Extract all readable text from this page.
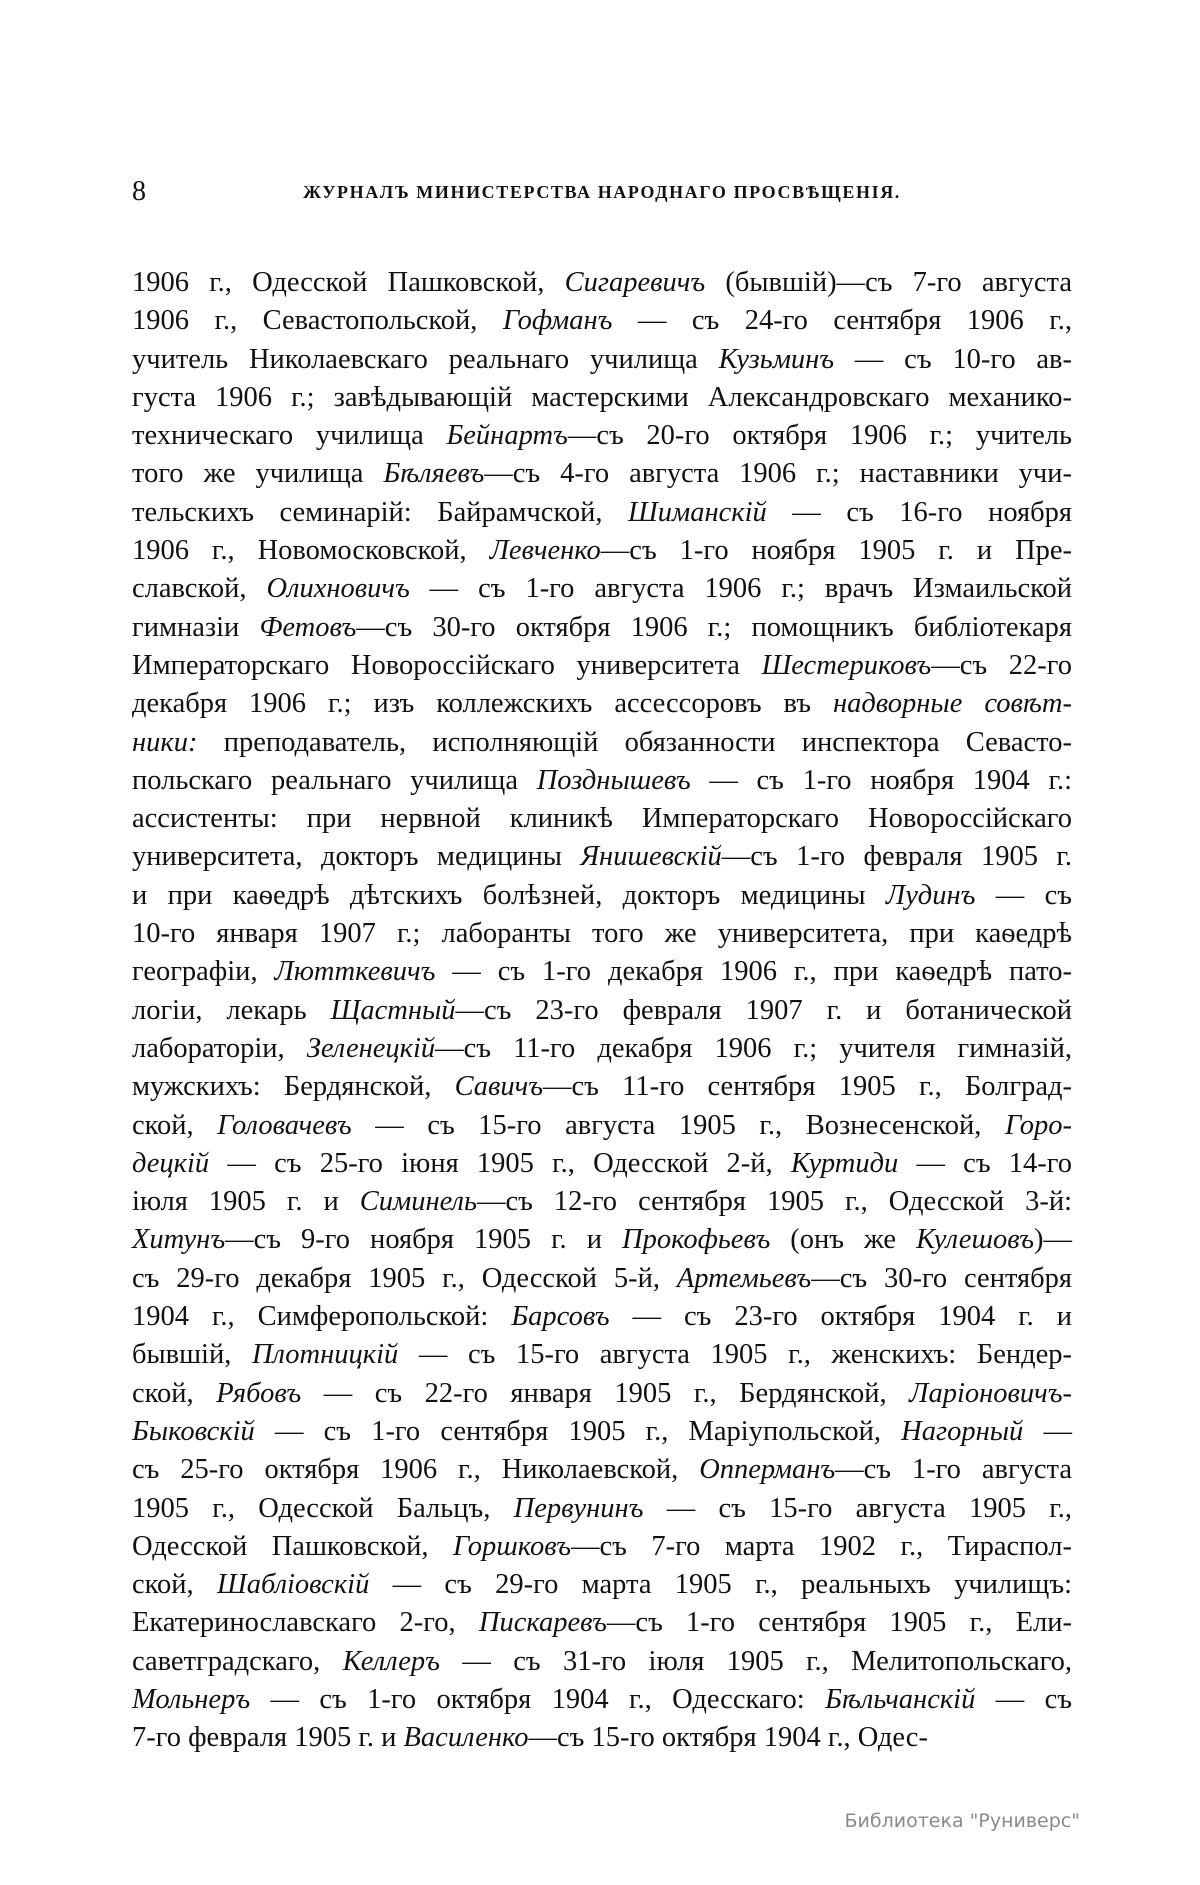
8	ЖУРНАЛЪ МИНИСТЕРСТВА НАРОДНАГО ПРОСВѢЩЕНІЯ.
1906 г., Одесской Пашковской, Сигаревичъ (бывшій)—съ 7-го августа
1906 г., Севастопольской, Гофманъ — съ 24-го сентября 1906 г.,
учитель Николаевскаго реальнаго училища Кузьминъ — съ 10-го ав-
густа 1906 г.; завѣдывающій мастерскими Александровскаго механико-
техническаго училища Бейнартъ—съ 20-го октября 1906 г.; учитель
того же училища Бѣляевъ—съ 4-го августа 1906 г.; наставники учи-
тельскихъ семинарій: Байрамчской, Шиманскій — съ 16-го ноября
1906 г., Новомосковской, Левченко—съ 1-го ноября 1905 г. и Пре-
славской, Олихновичъ — съ 1-го августа 1906 г.; врачъ Измаильской
гимназіи Фетовъ—съ 30-го октября 1906 г.; помощникъ библіотекаря
Императорскаго Новороссійскаго университета Шестериковъ—съ 22-го
декабря 1906 г.; изъ коллежскихъ ассессоровъ въ надворные совѣт-
ники: преподаватель, исполняющій обязанности инспектора Севасто-
польскаго реальнаго училища Позднышевъ — съ 1-го ноября 1904 г.:
ассистенты: при нервной клиникѣ Императорскаго Новороссійскаго
университета, докторъ медицины Янишевскій—съ 1-го февраля 1905 г.
и при каѳедрѣ дѣтскихъ болѣзней, докторъ медицины Лудинъ — съ
10-го января 1907 г.; лаборанты того же университета, при каѳедрѣ
географіи, Лютткевичъ — съ 1-го декабря 1906 г., при каѳедрѣ пато-
логіи, лекарь Щастный—съ 23-го февраля 1907 г. и ботанической
лабораторіи, Зеленецкій—съ 11-го декабря 1906 г.; учителя гимназій,
мужскихъ: Бердянской, Савичъ—съ 11-го сентября 1905 г., Болград-
ской, Головачевъ — съ 15-го августа 1905 г., Вознесенской, Горо-
децкій — съ 25-го іюня 1905 г., Одесской 2-й, Куртиди — съ 14-го
іюля 1905 г. и Симинель—съ 12-го сентября 1905 г., Одесской 3-й:
Хитунъ—съ 9-го ноября 1905 г. и Прокофьевъ (онъ же Кулешовъ)—
съ 29-го декабря 1905 г., Одесской 5-й, Артемьевъ—съ 30-го сентября
1904 г., Симферопольской: Барсовъ — съ 23-го октября 1904 г. и
бывшій, Плотницкій — съ 15-го августа 1905 г., женскихъ: Бендер-
ской, Рябовъ — съ 22-го января 1905 г., Бердянской, Ларіоновичъ-
Быковскій — съ 1-го сентября 1905 г., Маріупольской, Нагорный —
съ 25-го октября 1906 г., Николаевской, Опперманъ—съ 1-го августа
1905 г., Одесской Бальцъ, Первунинъ — съ 15-го августа 1905 г.,
Одесской Пашковской, Горшковъ—съ 7-го марта 1902 г., Тираспол-
ской, Шабліовскій — съ 29-го марта 1905 г., реальныхъ училищъ:
Екатеринославскаго 2-го, Пискаревъ—съ 1-го сентября 1905 г., Ели-
саветградскаго, Келлеръ — съ 31-го іюля 1905 г., Мелитопольскаго,
Мольнеръ — съ 1-го октября 1904 г., Одесскаго: Бѣльчанскій — съ
7-го февраля 1905 г. и Василенко—съ 15-го октября 1904 г., Одес-
Библиотека "Руниверс"
